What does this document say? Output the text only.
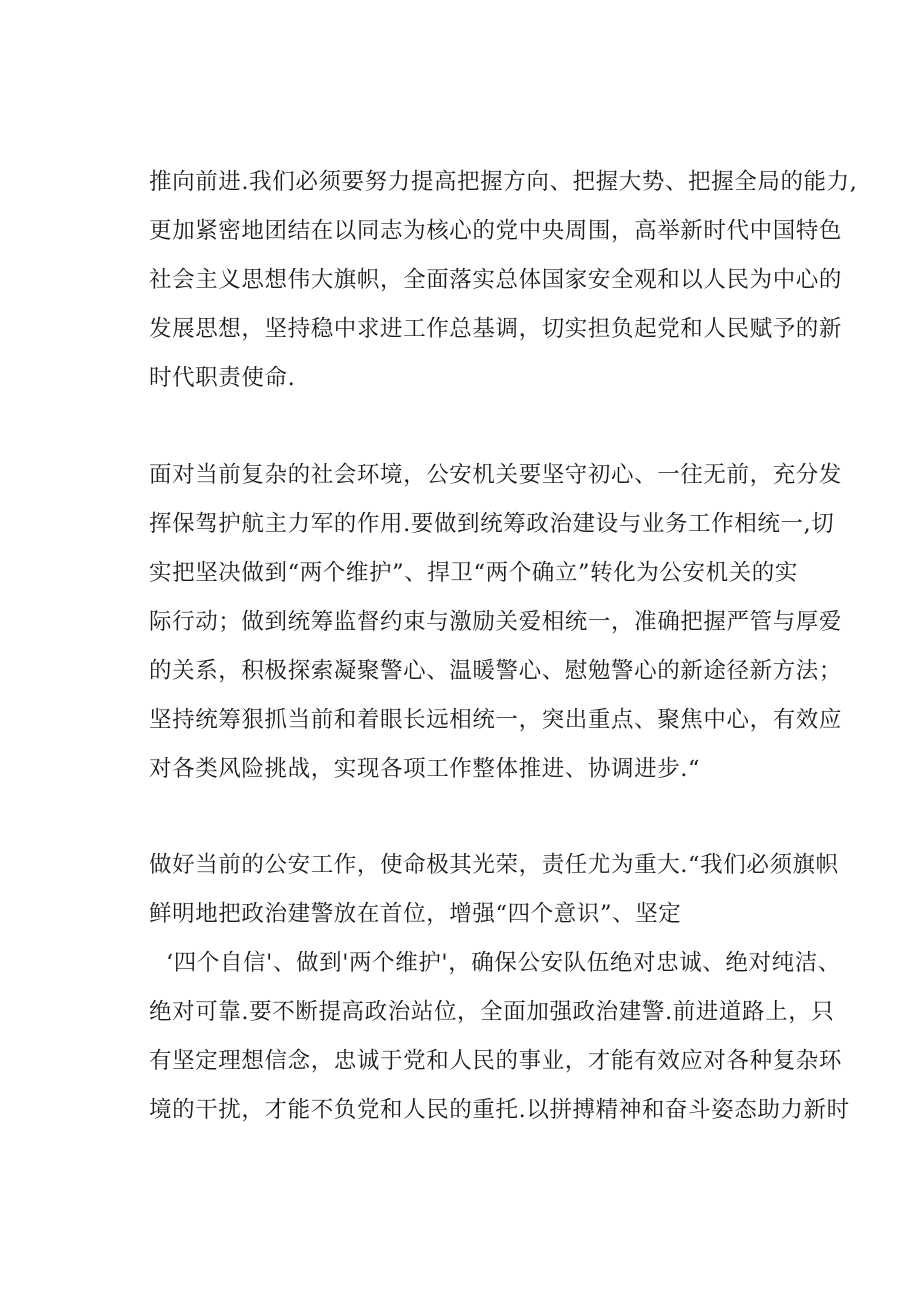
推向前进.我们必须要努力提高把握方向、把握大势、把握全局的能力,
更加紧密地团结在以同志为核心的党中央周围，高举新时代中国特色
社会主义思想伟大旗帜，全面落实总体国家安全观和以人民为中心的
发展思想，坚持稳中求进工作总基调，切实担负起党和人民赋予的新
时代职责使命.
面对当前复杂的社会环境，公安机关要坚守初心、一往无前，充分发
挥保驾护航主力军的作用.要做到统筹政治建设与业务工作相统一,切
实把坚决做到“两个维护”、捍卫“两个确立”转化为公安机关的实
际行动；做到统筹监督约束与激励关爱相统一，准确把握严管与厚爱
的关系，积极探索凝聚警心、温暖警心、慰勉警心的新途径新方法；
坚持统筹狠抓当前和着眼长远相统一，突出重点、聚焦中心，有效应
对各类风险挑战，实现各项工作整体推进、协调进步.“
做好当前的公安工作，使命极其光荣，责任尤为重大.“我们必须旗帜
鲜明地把政治建警放在首位，增强“四个意识”、坚定
‘四个自信'、做到'两个维护'，确保公安队伍绝对忠诚、绝对纯洁、
绝对可靠.要不断提高政治站位，全面加强政治建警.前进道路上，只
有坚定理想信念，忠诚于党和人民的事业，才能有效应对各种复杂环
境的干扰，才能不负党和人民的重托.以拼搏精神和奋斗姿态助力新时
